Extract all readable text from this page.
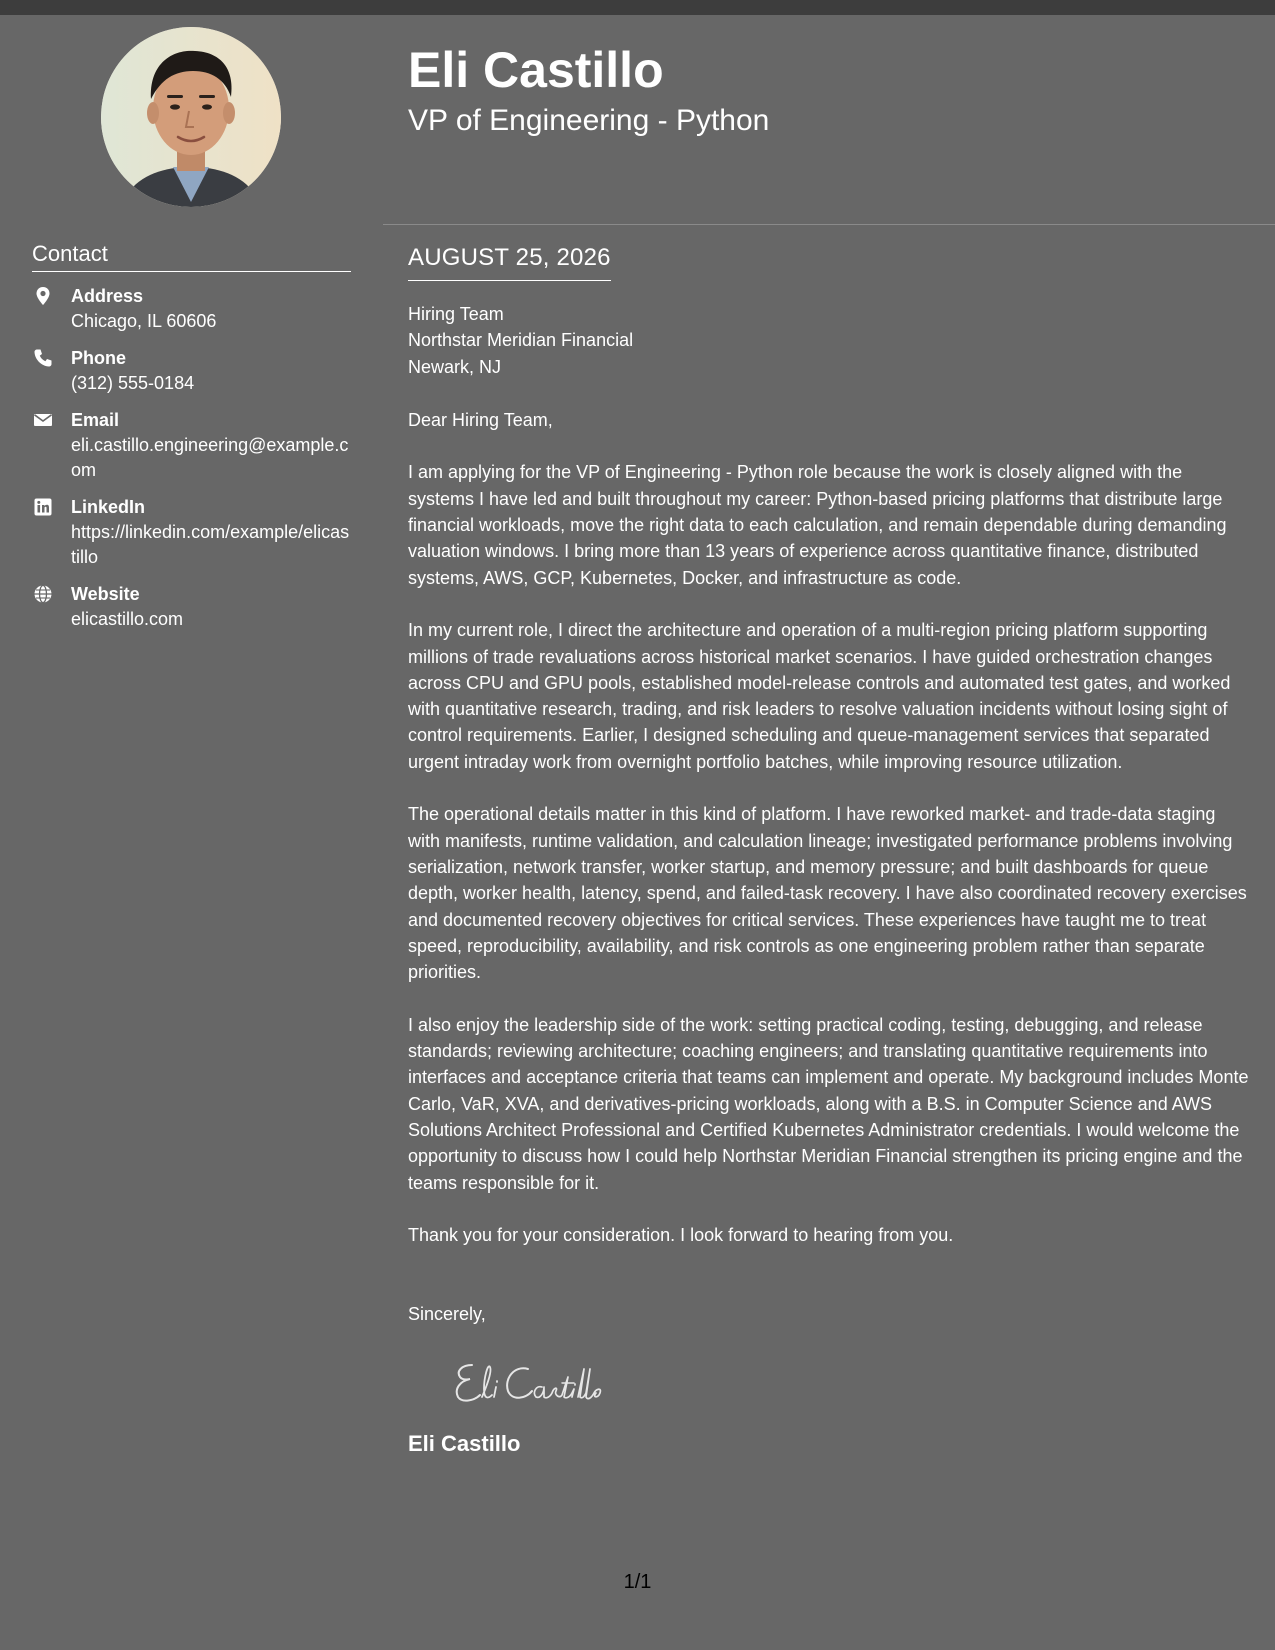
Eli Castillo
VP of Engineering - Python
Contact
Address
Chicago, IL 60606
Phone
(312) 555-0184
Email
eli.castillo.engineering@example.com
LinkedIn
https://linkedin.com/example/elicastillo
Website
elicastillo.com
AUGUST 25, 2026
Hiring Team
Northstar Meridian Financial
Newark, NJ
Dear Hiring Team,

I am applying for the VP of Engineering - Python role because the work is closely aligned with the systems I have led and built throughout my career: Python-based pricing platforms that distribute large financial workloads, move the right data to each calculation, and remain dependable during demanding valuation windows. I bring more than 13 years of experience across quantitative finance, distributed systems, AWS, GCP, Kubernetes, Docker, and infrastructure as code.

In my current role, I direct the architecture and operation of a multi-region pricing platform supporting millions of trade revaluations across historical market scenarios. I have guided orchestration changes across CPU and GPU pools, established model-release controls and automated test gates, and worked with quantitative research, trading, and risk leaders to resolve valuation incidents without losing sight of control requirements. Earlier, I designed scheduling and queue-management services that separated urgent intraday work from overnight portfolio batches, while improving resource utilization.

The operational details matter in this kind of platform. I have reworked market- and trade-data staging with manifests, runtime validation, and calculation lineage; investigated performance problems involving serialization, network transfer, worker startup, and memory pressure; and built dashboards for queue depth, worker health, latency, spend, and failed-task recovery. I have also coordinated recovery exercises and documented recovery objectives for critical services. These experiences have taught me to treat speed, reproducibility, availability, and risk controls as one engineering problem rather than separate priorities.

I also enjoy the leadership side of the work: setting practical coding, testing, debugging, and release standards; reviewing architecture; coaching engineers; and translating quantitative requirements into interfaces and acceptance criteria that teams can implement and operate. My background includes Monte Carlo, VaR, XVA, and derivatives-pricing workloads, along with a B.S. in Computer Science and AWS Solutions Architect Professional and Certified Kubernetes Administrator credentials. I would welcome the opportunity to discuss how I could help Northstar Meridian Financial strengthen its pricing engine and the teams responsible for it.

Thank you for your consideration. I look forward to hearing from you.

Sincerely,
Eli Castillo
1/1
